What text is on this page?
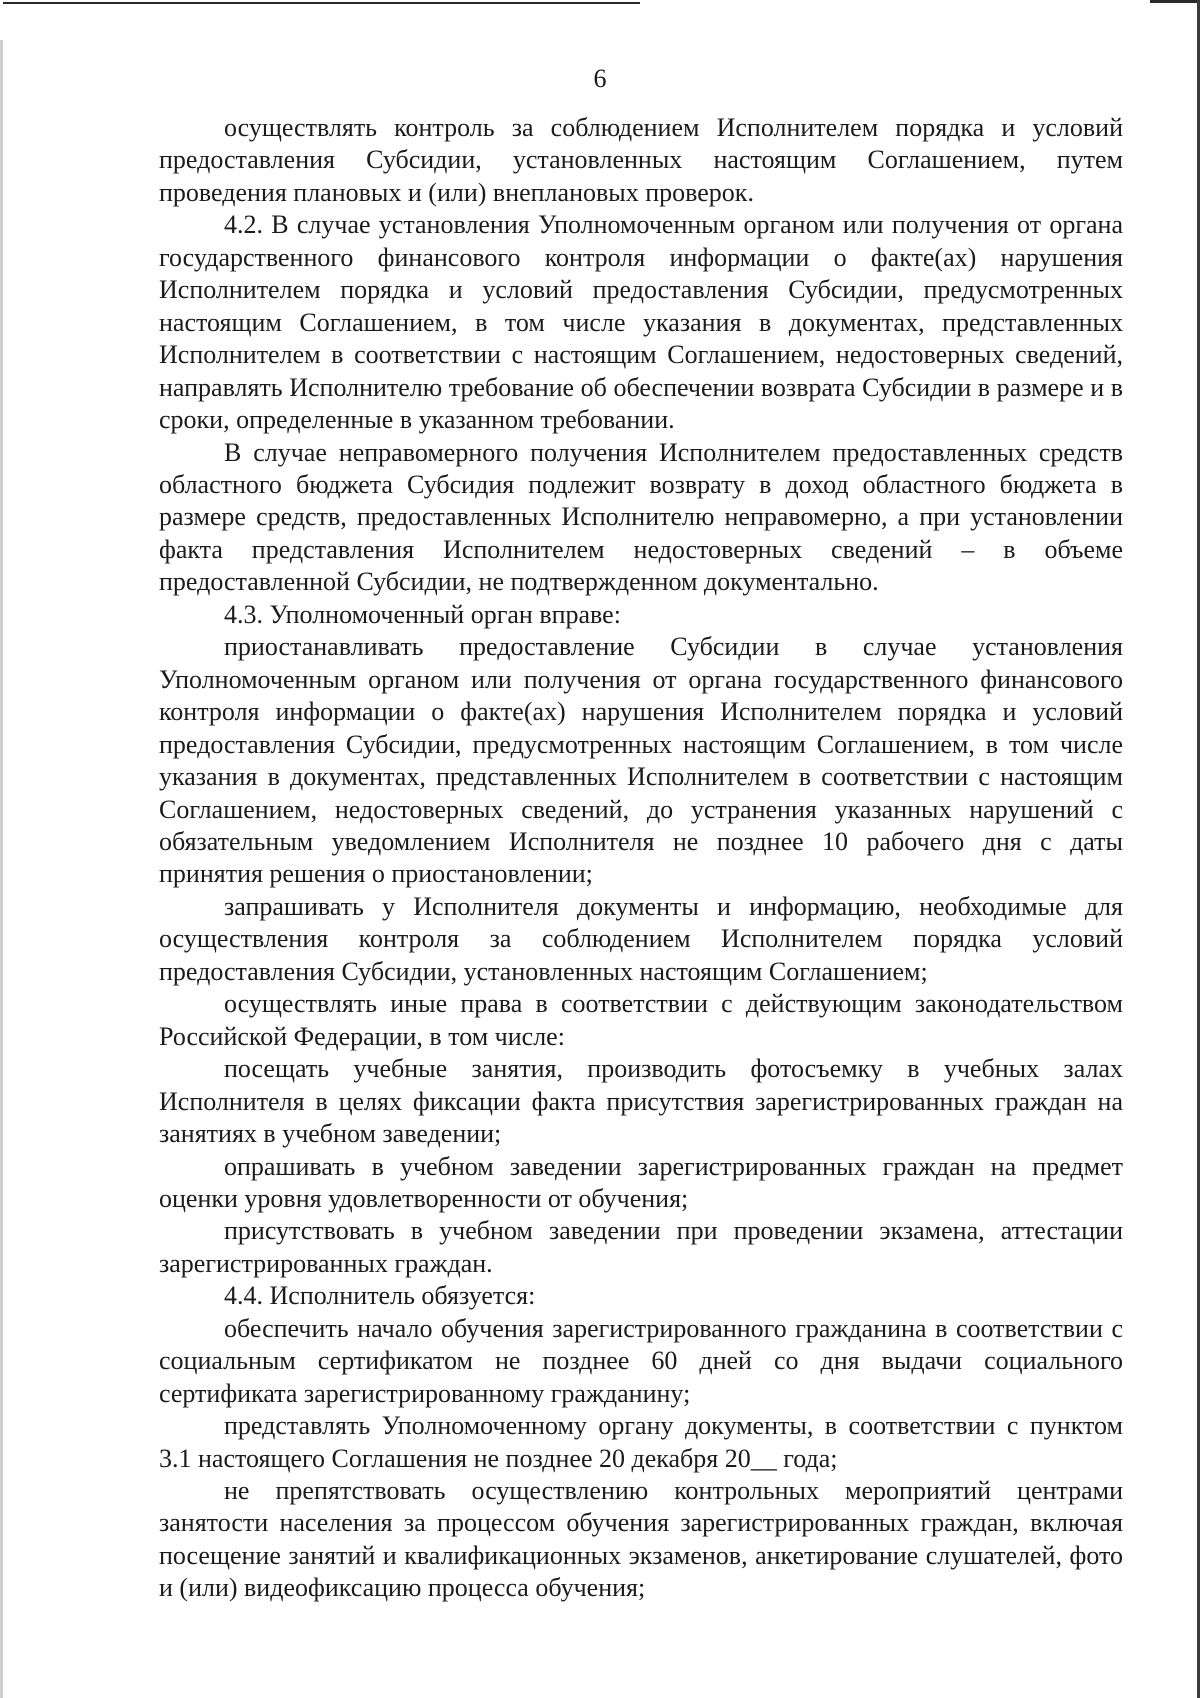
6

осуществлять контроль за соблюдением Исполнителем порядка и условий предоставления Субсидии, установленных настоящим Соглашением, путем проведения плановых и (или) внеплановых проверок.

4.2. В случае установления Уполномоченным органом или получения от органа государственного финансового контроля информации о факте(ах) нарушения Исполнителем порядка и условий предоставления Субсидии, предусмотренных настоящим Соглашением, в том числе указания в документах, представленных Исполнителем в соответствии с настоящим Соглашением, недостоверных сведений, направлять Исполнителю требование об обеспечении возврата Субсидии в размере и в сроки, определенные в указанном требовании.

В случае неправомерного получения Исполнителем предоставленных средств областного бюджета Субсидия подлежит возврату в доход областного бюджета в размере средств, предоставленных Исполнителю неправомерно, а при установлении факта представления Исполнителем недостоверных сведений – в объеме предоставленной Субсидии, не подтвержденном документально.

4.3. Уполномоченный орган вправе:

приостанавливать предоставление Субсидии в случае установления Уполномоченным органом или получения от органа государственного финансового контроля информации о факте(ах) нарушения Исполнителем порядка и условий предоставления Субсидии, предусмотренных настоящим Соглашением, в том числе указания в документах, представленных Исполнителем в соответствии с настоящим Соглашением, недостоверных сведений, до устранения указанных нарушений с обязательным уведомлением Исполнителя не позднее 10 рабочего дня с даты принятия решения о приостановлении;

запрашивать у Исполнителя документы и информацию, необходимые для осуществления контроля за соблюдением Исполнителем порядка условий предоставления Субсидии, установленных настоящим Соглашением;

осуществлять иные права в соответствии с действующим законодательством Российской Федерации, в том числе:

посещать учебные занятия, производить фотосъемку в учебных залах Исполнителя в целях фиксации факта присутствия зарегистрированных граждан на занятиях в учебном заведении;

опрашивать в учебном заведении зарегистрированных граждан на предмет оценки уровня удовлетворенности от обучения;

присутствовать в учебном заведении при проведении экзамена, аттестации зарегистрированных граждан.

4.4. Исполнитель обязуется:

обеспечить начало обучения зарегистрированного гражданина в соответствии с социальным сертификатом не позднее 60 дней со дня выдачи социального сертификата зарегистрированному гражданину;

представлять Уполномоченному органу документы, в соответствии с пунктом 3.1 настоящего Соглашения не позднее 20 декабря 20__ года;

не препятствовать осуществлению контрольных мероприятий центрами занятости населения за процессом обучения зарегистрированных граждан, включая посещение занятий и квалификационных экзаменов, анкетирование слушателей, фото и (или) видеофиксацию процесса обучения;
